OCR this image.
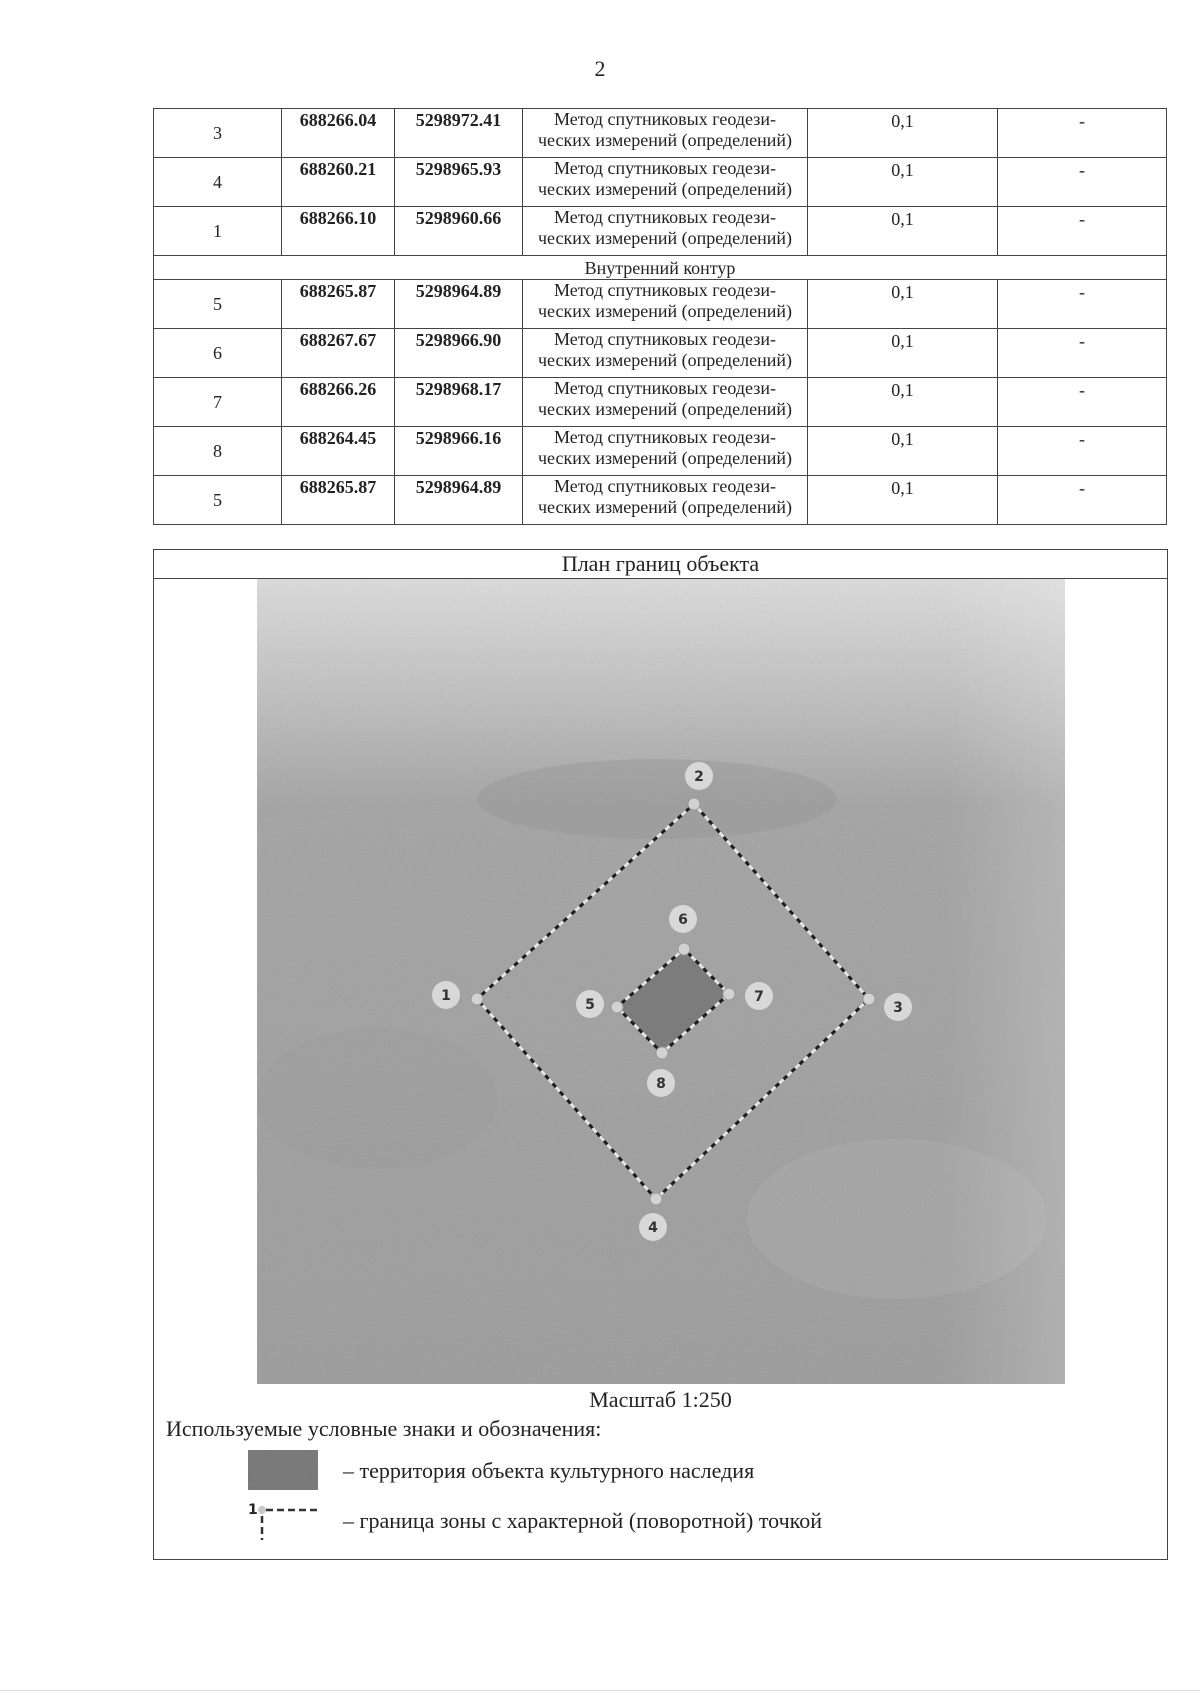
2
3	688266.04	5298972.41	Метод спутниковых геодези-
ческих измерений (определений)	0,1	-
4	688260.21	5298965.93	Метод спутниковых геодези-
ческих измерений (определений)	0,1	-
1	688266.10	5298960.66	Метод спутниковых геодези-
ческих измерений (определений)	0,1	-
Внутренний контур					
5	688265.87	5298964.89	Метод спутниковых геодези-
ческих измерений (определений)	0,1	-
6	688267.67	5298966.90	Метод спутниковых геодези-
ческих измерений (определений)	0,1	-
7	688266.26	5298968.17	Метод спутниковых геодези-
ческих измерений (определений)	0,1	-
8	688264.45	5298966.16	Метод спутниковых геодези-
ческих измерений (определений)	0,1	-
5	688265.87	5298964.89	Метод спутниковых геодези-
ческих измерений (определений)	0,1	-
План границ объекта
1
2
3
4
5
6
7
8
Масштаб 1:250
Используемые условные знаки и обозначения:
– территория объекта культурного наследия
1	– граница зоны с характерной (поворотной) точкой
